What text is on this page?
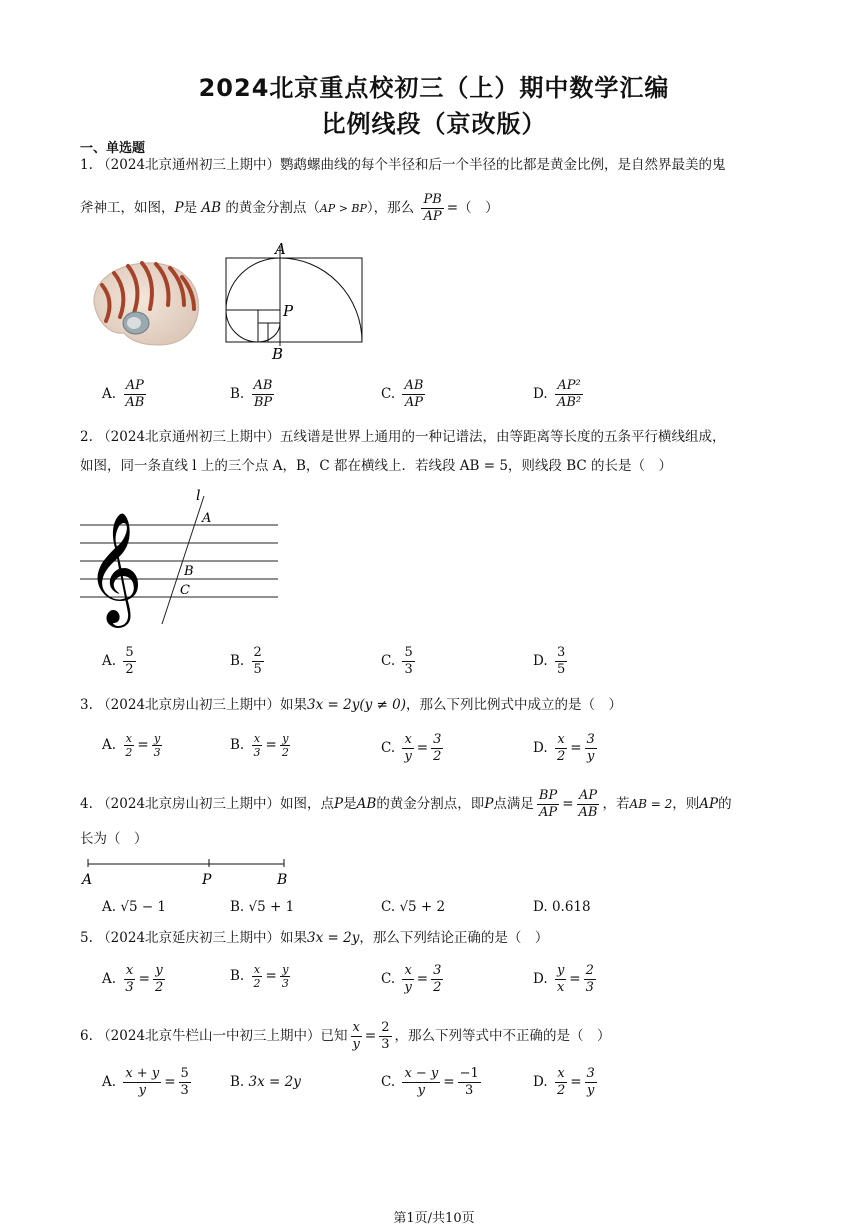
2024北京重点校初三（上）期中数学汇编
比例线段（京改版）
一、单选题
1. （2024北京通州初三上期中）鹦鹉螺曲线的每个半径和后一个半径的比都是黄金比例，是自然界最美的鬼
斧神工，如图，P是 AB 的黄金分割点（AP > BP），那么 $\frac{PB}{AP}$ =（　）
A
P
B
A. $\frac{AP}{AB}$	B. $\frac{AB}{BP}$	C. $\frac{AB}{AP}$	D. $\frac{\text{AP²}}{\text{AB²}}$
2. （2024北京通州初三上期中）五线谱是世界上通用的一种记谱法，由等距离等长度的五条平行横线组成，
如图，同一条直线 l 上的三个点 A，B，C 都在横线上．若线段 AB = 5，则线段 BC 的长是（　）
𝄞
l
A
B
C
A. $\frac{5}{2}$	B. $\frac{2}{5}$	C. $\frac{5}{3}$	D. $\frac{3}{5}$
3. （2024北京房山初三上期中）如果3x = 2y(y ≠ 0)，那么下列比例式中成立的是（　）
A. $\frac{x}{2} = \frac{y}{3}$	B. $\frac{x}{3} = \frac{y}{2}$	C. $\frac{x}{y} = \frac{3}{2}$	D. $\frac{x}{2} = \frac{3}{y}$
4. （2024北京房山初三上期中）如图，点P是AB的黄金分割点，即P点满足 $\frac{BP}{AP} = \frac{AP}{AB}$ ，若AB = 2，则AP的
长为（　）
A	P	B
A. √5 − 1	B. √5 + 1	C. √5 + 2	D. 0.618
5. （2024北京延庆初三上期中）如果3x = 2y，那么下列结论正确的是（　）
A. $\frac{x}{3} = \frac{y}{2}$	B. $\frac{x}{2} = \frac{y}{3}$	C. $\frac{x}{y} = \frac{3}{2}$	D. $\frac{y}{x} = \frac{2}{3}$
6. （2024北京牛栏山一中初三上期中）已知 $\frac{x}{y} = \frac{2}{3}$ ，那么下列等式中不正确的是（　）
A. $\frac{x + y}{y} = \frac{5}{3}$	B. 3x = 2y	C. $\frac{x - y}{y} = \frac{-1}{3}$	D. $\frac{x}{2} = \frac{3}{y}$
第1页/共10页
